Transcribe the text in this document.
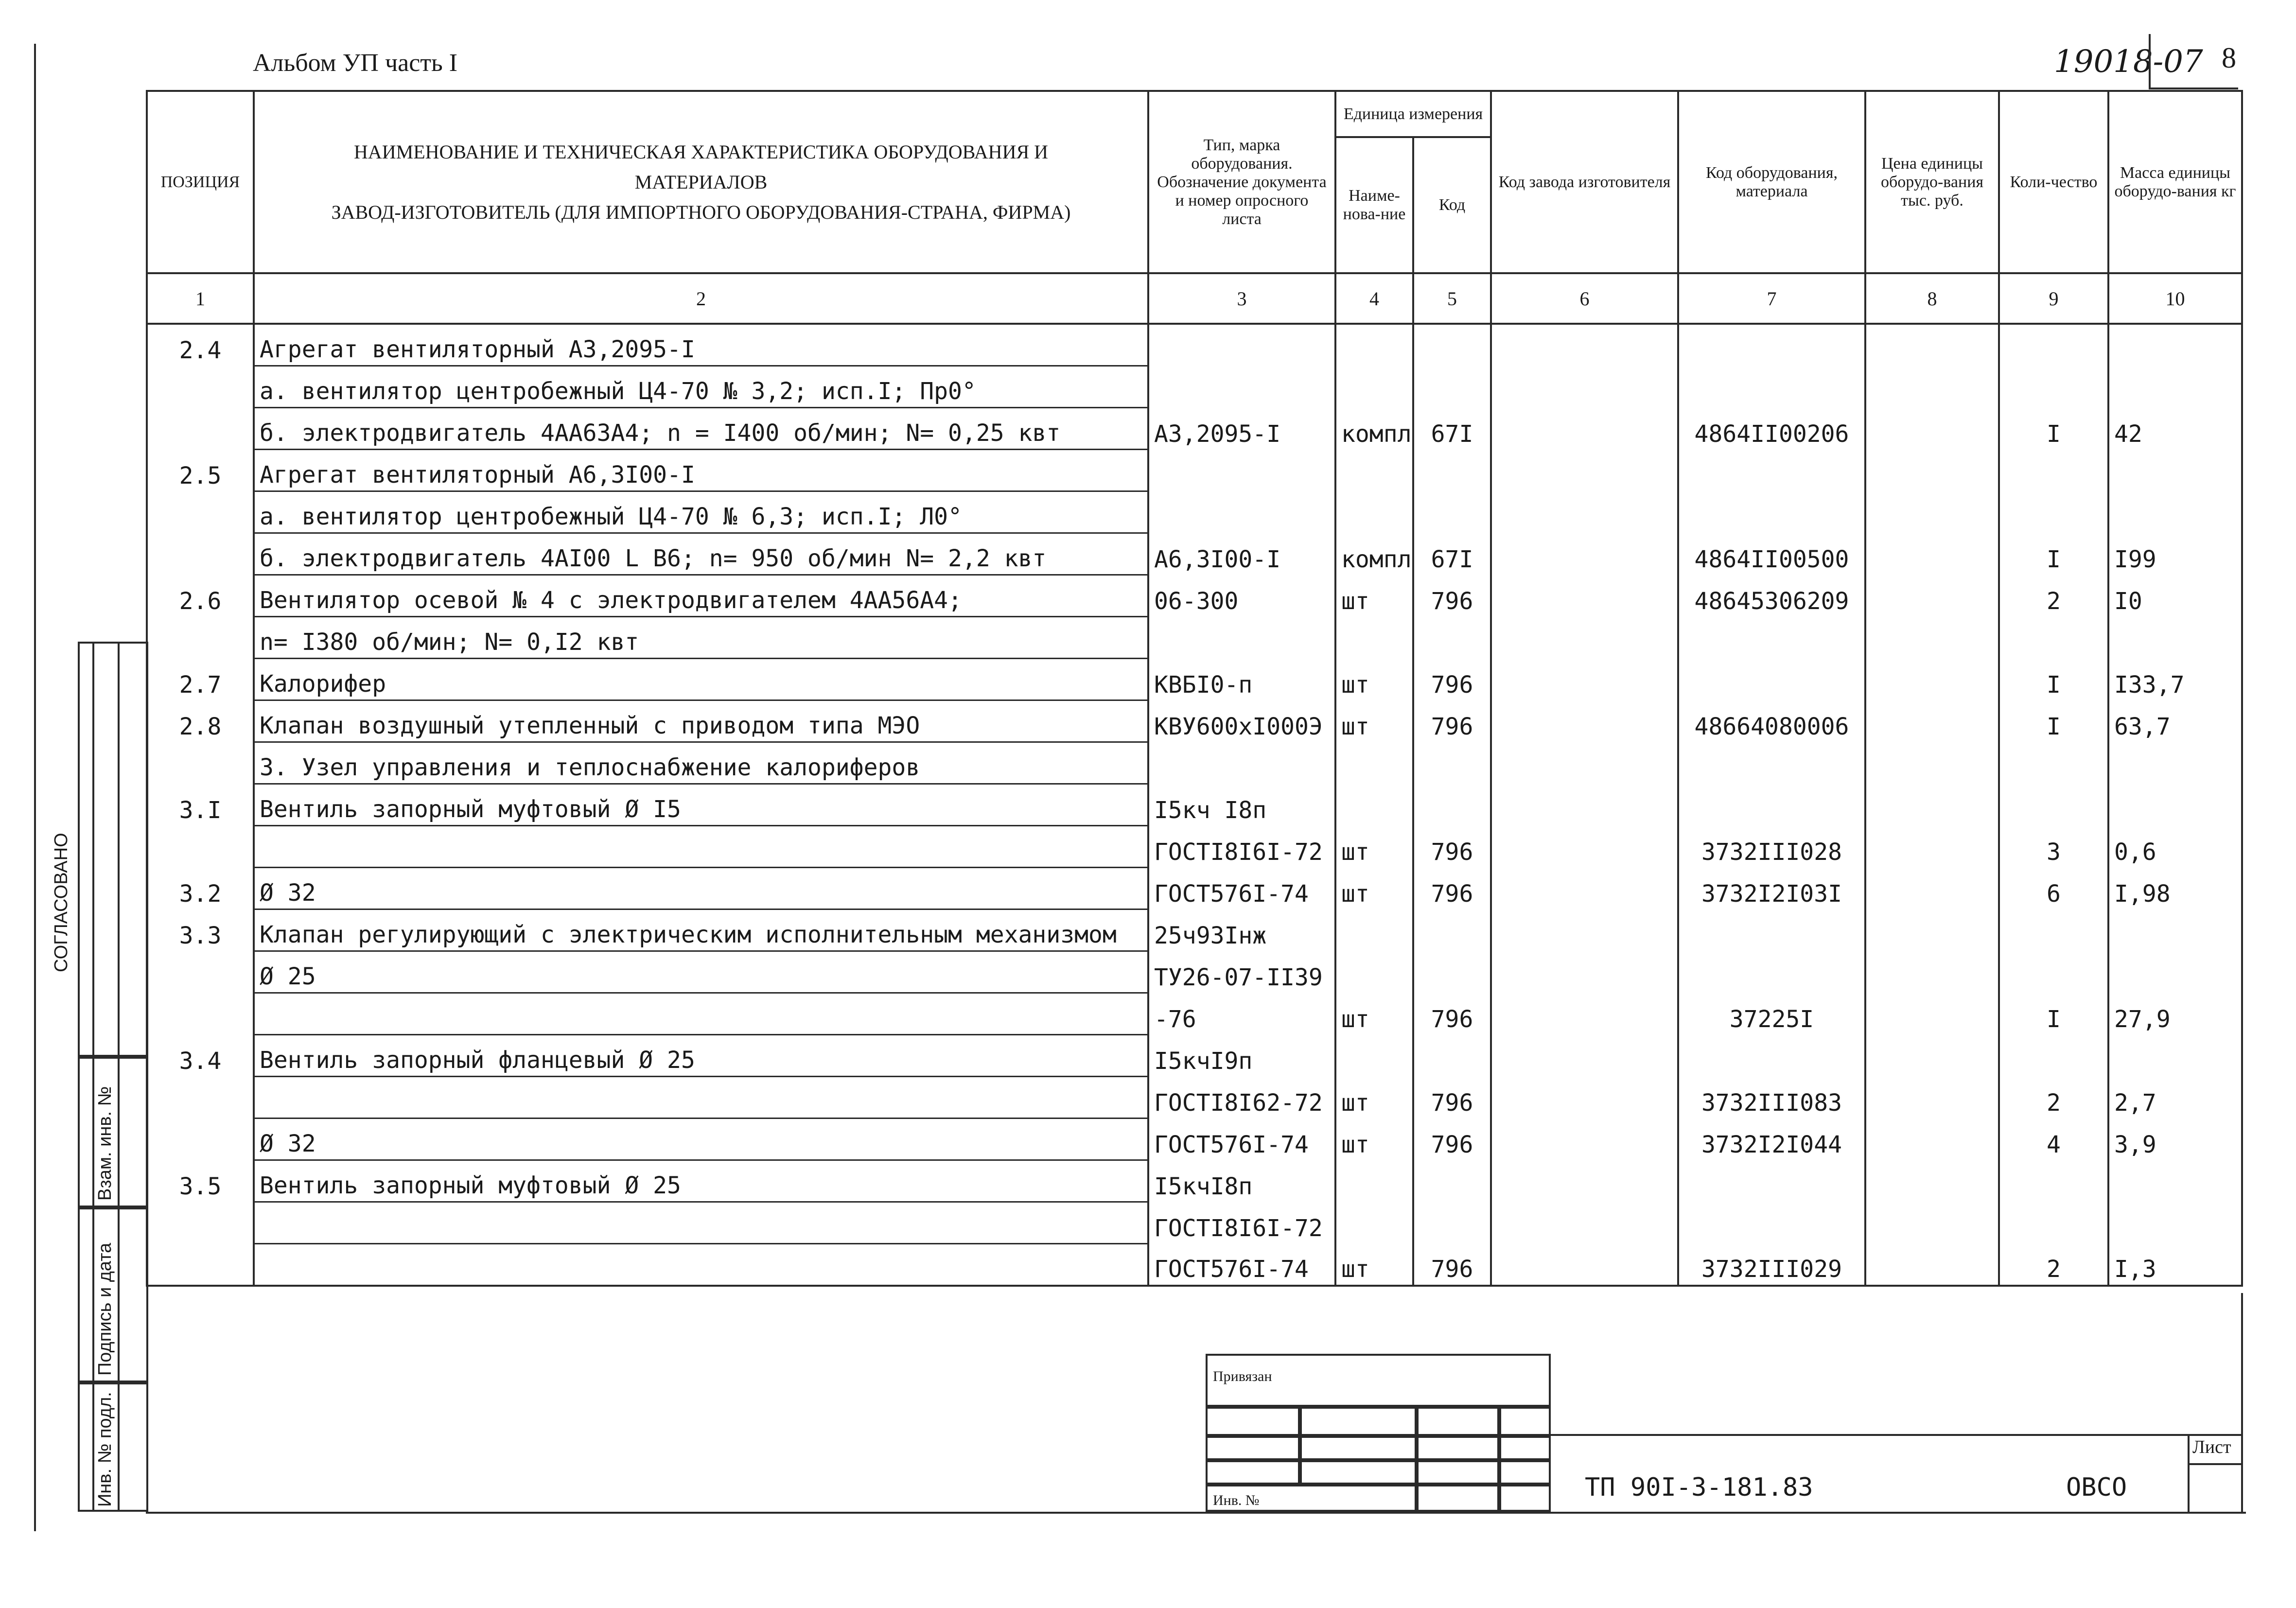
Альбом УП часть I	19018-07 8
ПОЗИЦИЯ	НАИМЕНОВАНИЕ И ТЕХНИЧЕСКАЯ ХАРАКТЕРИСТИКА ОБОРУДОВАНИЯ И
МАТЕРИАЛОВ
ЗАВОД-ИЗГОТОВИТЕЛЬ (ДЛЯ ИМПОРТНОГО ОБОРУДОВАНИЯ-СТРАНА, ФИРМА)	Тип, марка оборудования. Обозначение документа и номер опросного листа	Единица измерения		Код завода изготовителя	Код оборудования, материала	Цена единицы оборудо-вания тыс. руб.	Коли-чество	Масса единицы оборудо-вания кг
			Наиме-нова-ние	Код					
1	2	3	4	5	6	7	8	9	10
2.4	Агрегат вентиляторный А3,2095-I								
	а. вентилятор центробежный Ц4-70 № 3,2; исп.I; Пр0°								
	б. электродвигатель 4АА63А4; n = I400 об/мин; N= 0,25 квт	А3,2095-I	компл	67I		4864II00206		I	42
2.5	Агрегат вентиляторный А6,3I00-I								
	а. вентилятор центробежный Ц4-70 № 6,3; исп.I; Л0°								
	б. электродвигатель 4АI00 L В6; n= 950 об/мин N= 2,2 квт	А6,3I00-I	компл	67I		4864II00500		I	I99
2.6	Вентилятор осевой № 4 с электродвигателем 4АА56А4;	06-300	шт	796		48645306209		2	I0
	n= I380 об/мин; N= 0,I2 квт								
2.7	Калорифер	КВБI0-п	шт	796				I	I33,7
2.8	Клапан воздушный утепленный с приводом типа МЭО	КВУ600хI000Э	шт	796		48664080006		I	63,7
	3. Узел управления и теплоснабжение калориферов								
3.I	Вентиль запорный муфтовый Ø I5	I5кч I8п							
		ГОСТI8I6I-72	шт	796		3732III028		3	0,6
3.2	Ø 32	ГОСТ576I-74	шт	796		3732I2I03I		6	I,98
3.3	Клапан регулирующий с электрическим исполнительным механизмом	25ч93Iнж							
	Ø 25	ТУ26-07-II39							
		-76	шт	796		37225I		I	27,9
3.4	Вентиль запорный фланцевый Ø 25	I5кчI9п							
		ГОСТI8I62-72	шт	796		3732III083		2	2,7
	Ø 32	ГОСТ576I-74	шт	796		3732I2I044		4	3,9
3.5	Вентиль запорный муфтовый Ø 25	I5кчI8п							
		ГОСТI8I6I-72							
		ГОСТ576I-74	шт	796		3732III029		2	I,3
СОГЛАСОВАНО
Инв. № подл.
Подпись и дата
Взам. инв. №
Привязан
Инв. №	ТП 90I-3-181.83	ОВСО
Лист
